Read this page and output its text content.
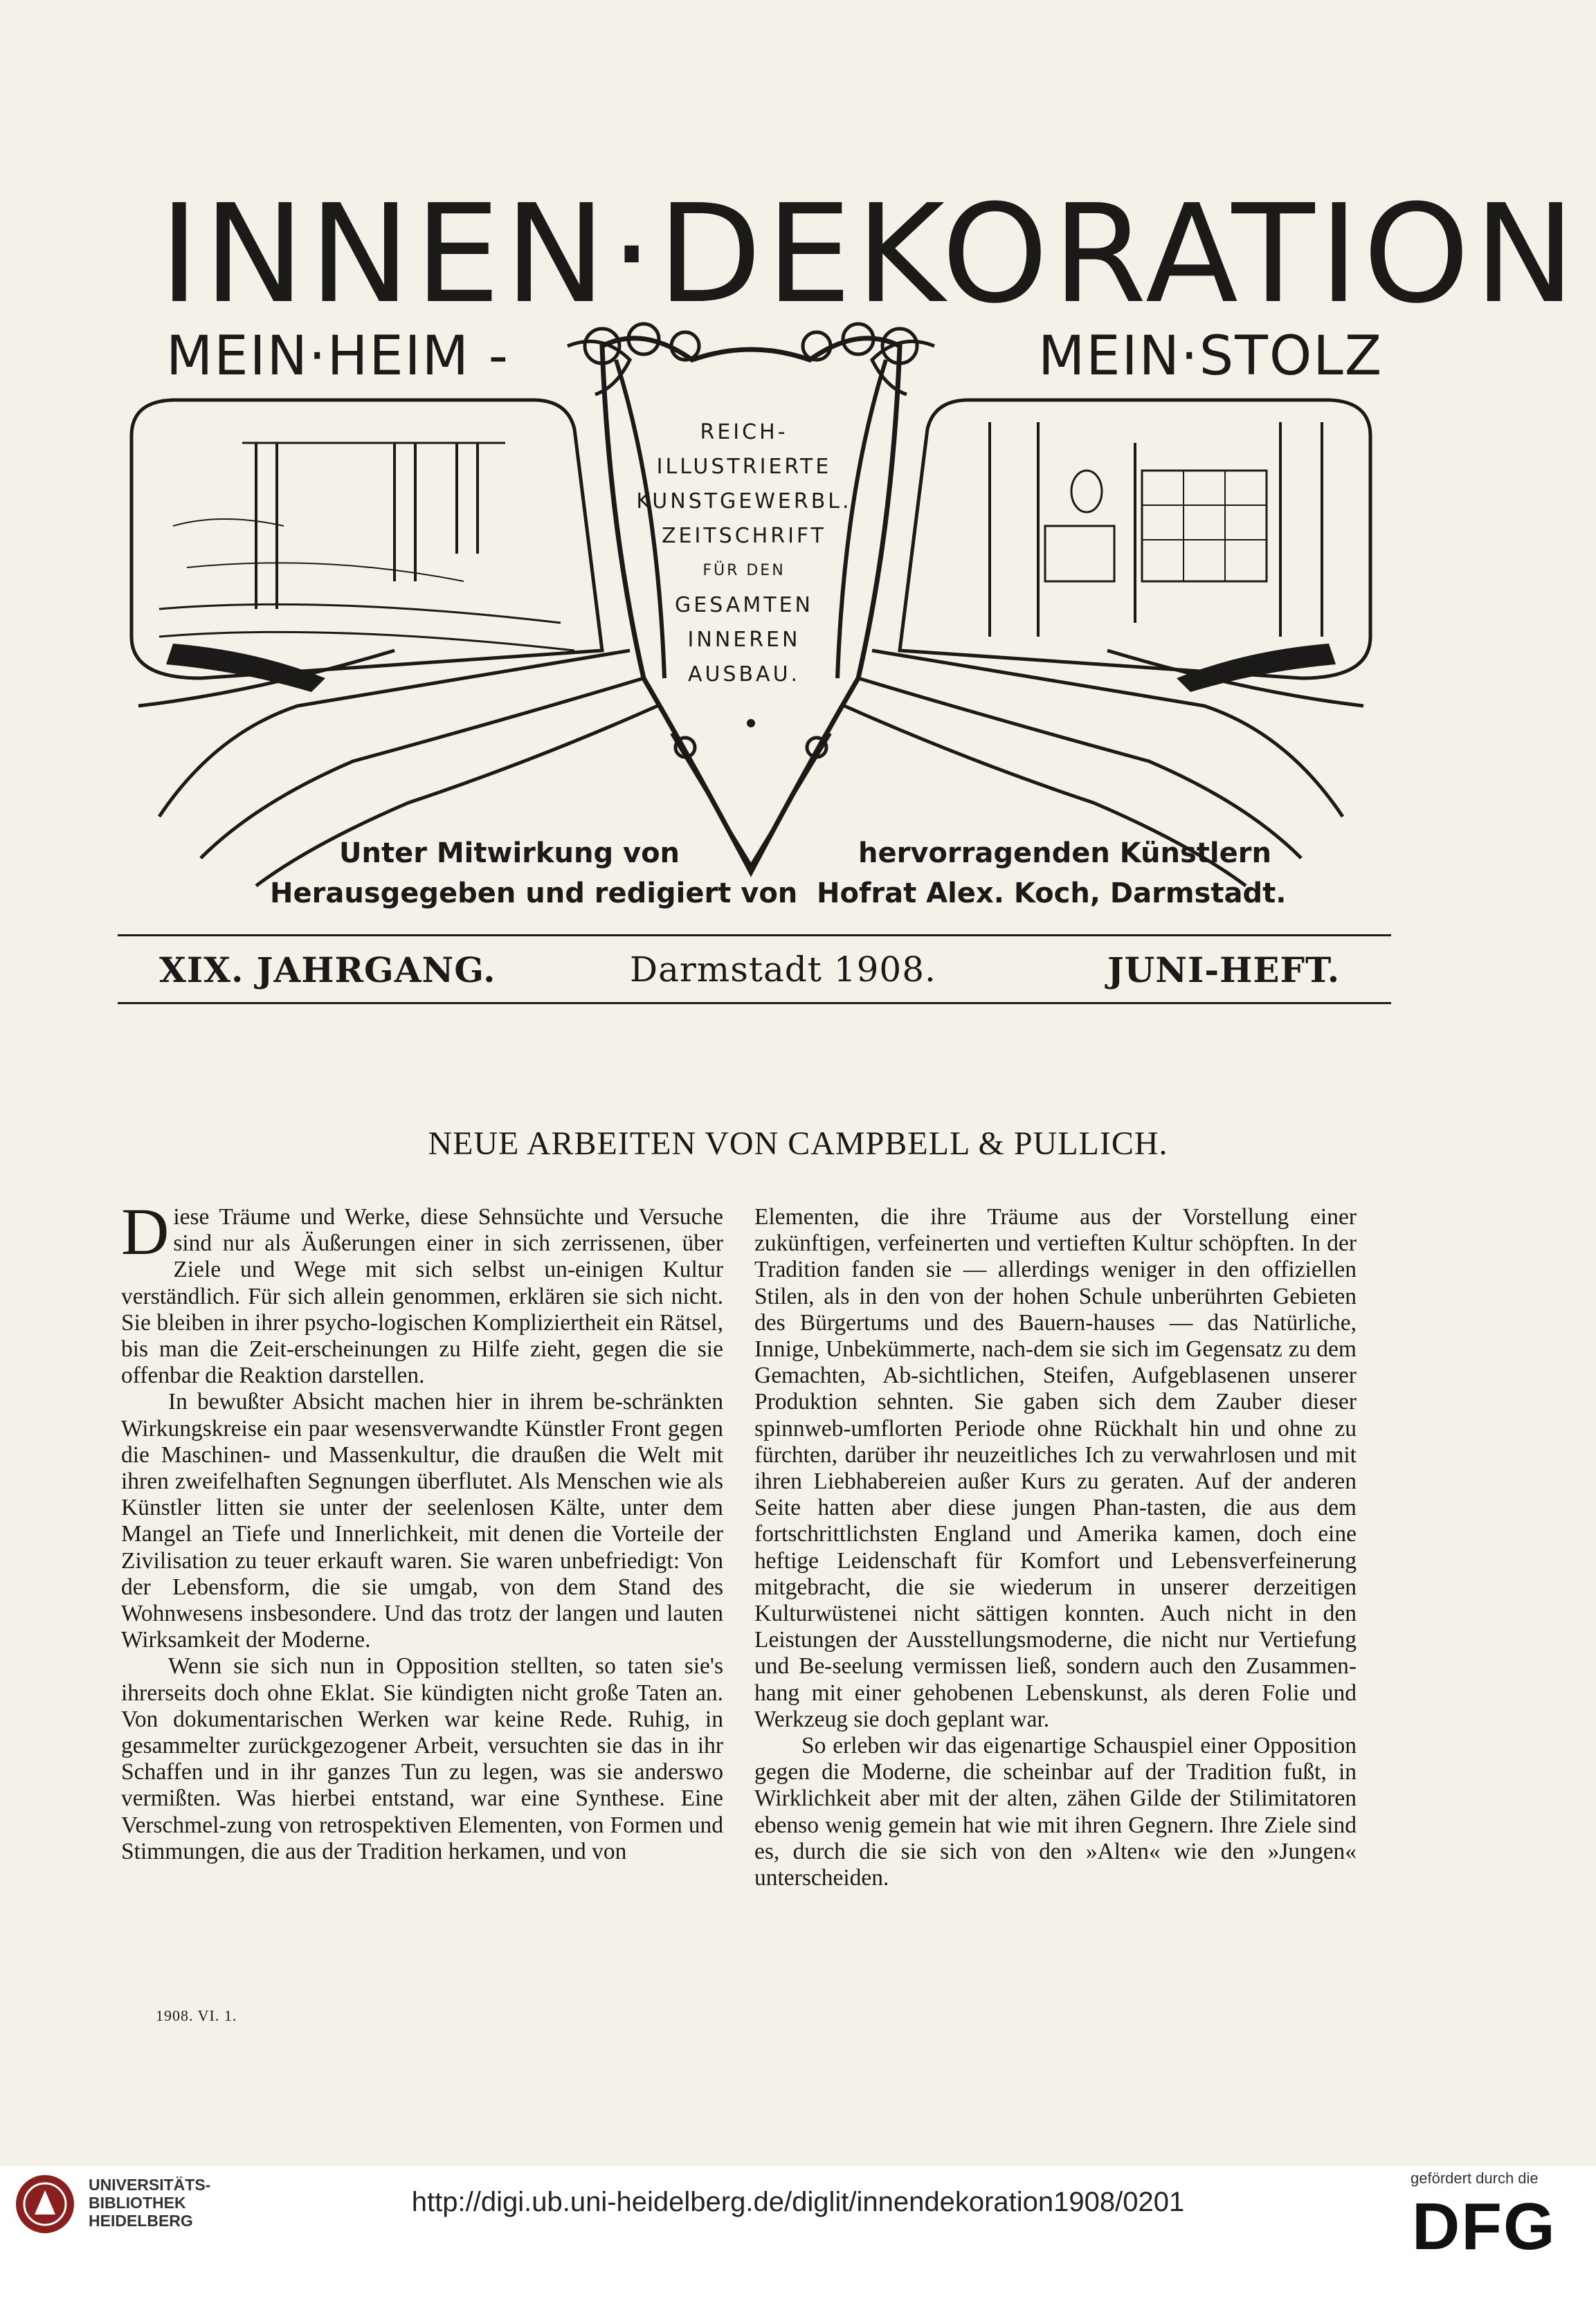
INNEN·DEKORATION
MEIN·HEIM -	MEIN·STOLZ
REICH-
ILLUSTRIERTE
KUNSTGEWERBL.
ZEITSCHRIFT
FÜR DEN
GESAMTEN
INNEREN
AUSBAU.
Unter Mitwirkung von
Herausgegeben und redigiert von
hervorragenden Künstlern
Hofrat Alex. Koch, Darmstadt.
XIX. JAHRGANG.	Darmstadt 1908.	JUNI-HEFT.
NEUE ARBEITEN VON CAMPBELL & PULLICH.

Diese Träume und Werke, diese Sehnsüchte und Versuche sind nur als Äußerungen einer in sich zerrissenen, über Ziele und Wege mit sich selbst un-einigen Kultur verständlich. Für sich allein genommen, erklären sie sich nicht. Sie bleiben in ihrer psycho-logischen Kompliziertheit ein Rätsel, bis man die Zeit-erscheinungen zu Hilfe zieht, gegen die sie offenbar die Reaktion darstellen.

In bewußter Absicht machen hier in ihrem be-schränkten Wirkungskreise ein paar wesensverwandte Künstler Front gegen die Maschinen- und Massenkultur, die draußen die Welt mit ihren zweifelhaften Segnungen überflutet. Als Menschen wie als Künstler litten sie unter der seelenlosen Kälte, unter dem Mangel an Tiefe und Innerlichkeit, mit denen die Vorteile der Zivilisation zu teuer erkauft waren. Sie waren unbefriedigt: Von der Lebensform, die sie umgab, von dem Stand des Wohnwesens insbesondere. Und das trotz der langen und lauten Wirksamkeit der Moderne.

Wenn sie sich nun in Opposition stellten, so taten sie's ihrerseits doch ohne Eklat. Sie kündigten nicht große Taten an. Von dokumentarischen Werken war keine Rede. Ruhig, in gesammelter zurückgezogener Arbeit, versuchten sie das in ihr Schaffen und in ihr ganzes Tun zu legen, was sie anderswo vermißten. Was hierbei entstand, war eine Synthese. Eine Verschmel-zung von retrospektiven Elementen, von Formen und Stimmungen, die aus der Tradition herkamen, und von

Elementen, die ihre Träume aus der Vorstellung einer zukünftigen, verfeinerten und vertieften Kultur schöpften. In der Tradition fanden sie — allerdings weniger in den offiziellen Stilen, als in den von der hohen Schule unberührten Gebieten des Bürgertums und des Bauern-hauses — das Natürliche, Innige, Unbekümmerte, nach-dem sie sich im Gegensatz zu dem Gemachten, Ab-sichtlichen, Steifen, Aufgeblasenen unserer Produktion sehnten. Sie gaben sich dem Zauber dieser spinnweb-umflorten Periode ohne Rückhalt hin und ohne zu fürchten, darüber ihr neuzeitliches Ich zu verwahrlosen und mit ihren Liebhabereien außer Kurs zu geraten. Auf der anderen Seite hatten aber diese jungen Phan-tasten, die aus dem fortschrittlichsten England und Amerika kamen, doch eine heftige Leidenschaft für Komfort und Lebensverfeinerung mitgebracht, die sie wiederum in unserer derzeitigen Kulturwüstenei nicht sättigen konnten. Auch nicht in den Leistungen der Ausstellungsmoderne, die nicht nur Vertiefung und Be-seelung vermissen ließ, sondern auch den Zusammen-hang mit einer gehobenen Lebenskunst, als deren Folie und Werkzeug sie doch geplant war.

So erleben wir das eigenartige Schauspiel einer Opposition gegen die Moderne, die scheinbar auf der Tradition fußt, in Wirklichkeit aber mit der alten, zähen Gilde der Stilimitatoren ebenso wenig gemein hat wie mit ihren Gegnern. Ihre Ziele sind es, durch die sie sich von den »Alten« wie den »Jungen« unterscheiden.

1908. VI. 1.
UNIVERSITÄTS-
BIBLIOTHEK
HEIDELBERG
http://digi.ub.uni-heidelberg.de/diglit/innendekoration1908/0201
gefördert durch die
DFG
